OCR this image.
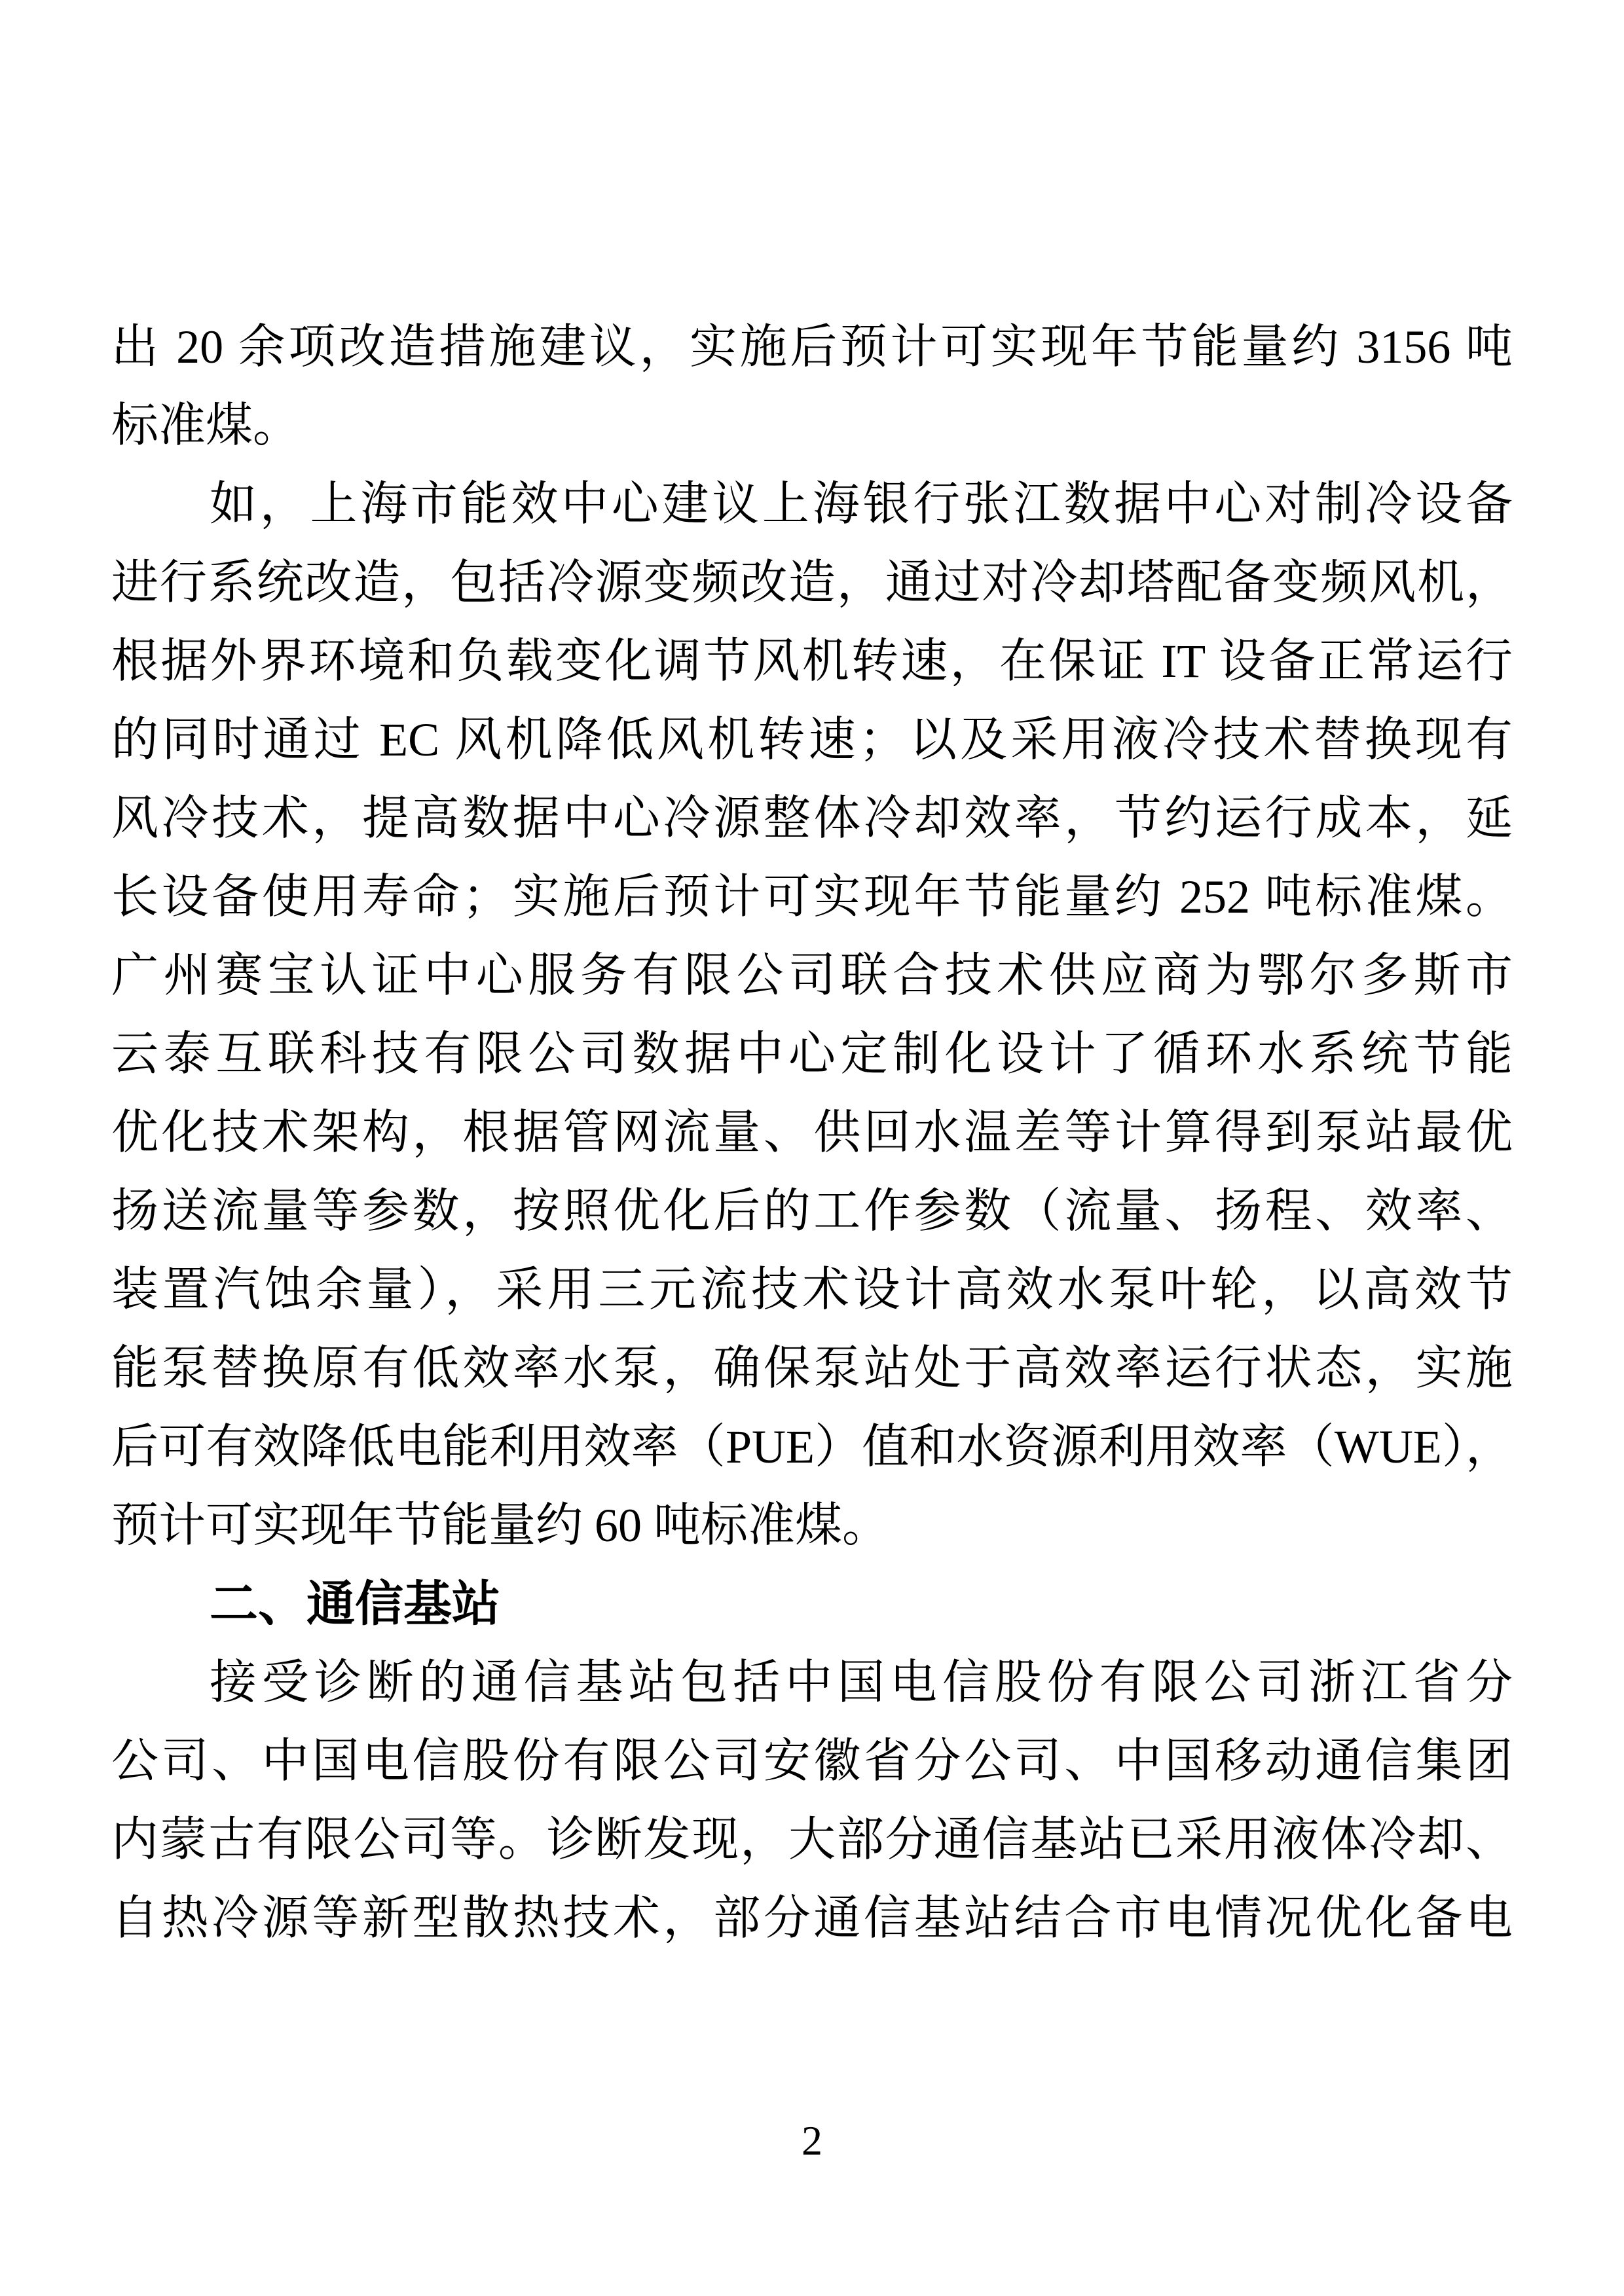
出 20 余项改造措施建议，实施后预计可实现年节能量约 3156 吨
标准煤。
如，上海市能效中心建议上海银行张江数据中心对制冷设备
进行系统改造，包括冷源变频改造，通过对冷却塔配备变频风机，
根据外界环境和负载变化调节风机转速，在保证 IT 设备正常运行
的同时通过 EC 风机降低风机转速；以及采用液冷技术替换现有
风冷技术，提高数据中心冷源整体冷却效率，节约运行成本，延
长设备使用寿命；实施后预计可实现年节能量约 252 吨标准煤。
广州赛宝认证中心服务有限公司联合技术供应商为鄂尔多斯市
云泰互联科技有限公司数据中心定制化设计了循环水系统节能
优化技术架构，根据管网流量、供回水温差等计算得到泵站最优
扬送流量等参数，按照优化后的工作参数（流量、扬程、效率、
装置汽蚀余量），采用三元流技术设计高效水泵叶轮，以高效节
能泵替换原有低效率水泵，确保泵站处于高效率运行状态，实施
后可有效降低电能利用效率（PUE）值和水资源利用效率（WUE），
预计可实现年节能量约 60 吨标准煤。
二、通信基站
接受诊断的通信基站包括中国电信股份有限公司浙江省分
公司、中国电信股份有限公司安徽省分公司、中国移动通信集团
内蒙古有限公司等。诊断发现，大部分通信基站已采用液体冷却、
自热冷源等新型散热技术，部分通信基站结合市电情况优化备电
2
